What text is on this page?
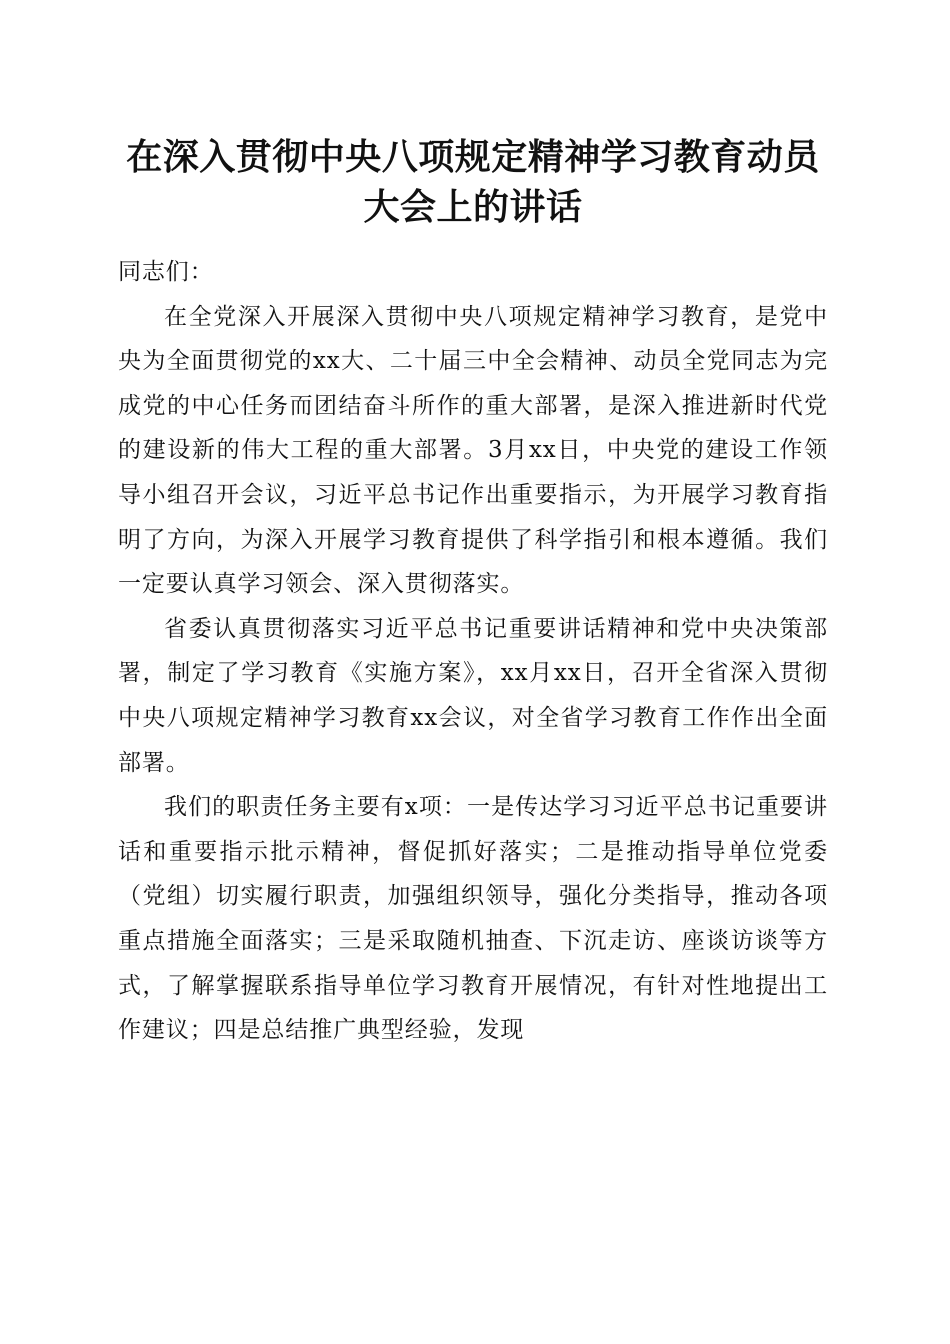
在深入贯彻中央八项规定精神学习教育动员大会上的讲话

同志们：

在全党深入开展深入贯彻中央八项规定精神学习教育，是党中央为全面贯彻党的xx大、二十届三中全会精神、动员全党同志为完成党的中心任务而团结奋斗所作的重大部署，是深入推进新时代党的建设新的伟大工程的重大部署。3月xx日，中央党的建设工作领导小组召开会议，习近平总书记作出重要指示，为开展学习教育指明了方向，为深入开展学习教育提供了科学指引和根本遵循。我们一定要认真学习领会、深入贯彻落实。

省委认真贯彻落实习近平总书记重要讲话精神和党中央决策部署，制定了学习教育《实施方案》，xx月xx日，召开全省深入贯彻中央八项规定精神学习教育xx会议，对全省学习教育工作作出全面部署。

我们的职责任务主要有x项：一是传达学习习近平总书记重要讲话和重要指示批示精神，督促抓好落实；二是推动指导单位党委（党组）切实履行职责，加强组织领导，强化分类指导，推动各项重点措施全面落实；三是采取随机抽查、下沉走访、座谈访谈等方式，了解掌握联系指导单位学习教育开展情况，有针对性地提出工作建议；四是总结推广典型经验，发现
